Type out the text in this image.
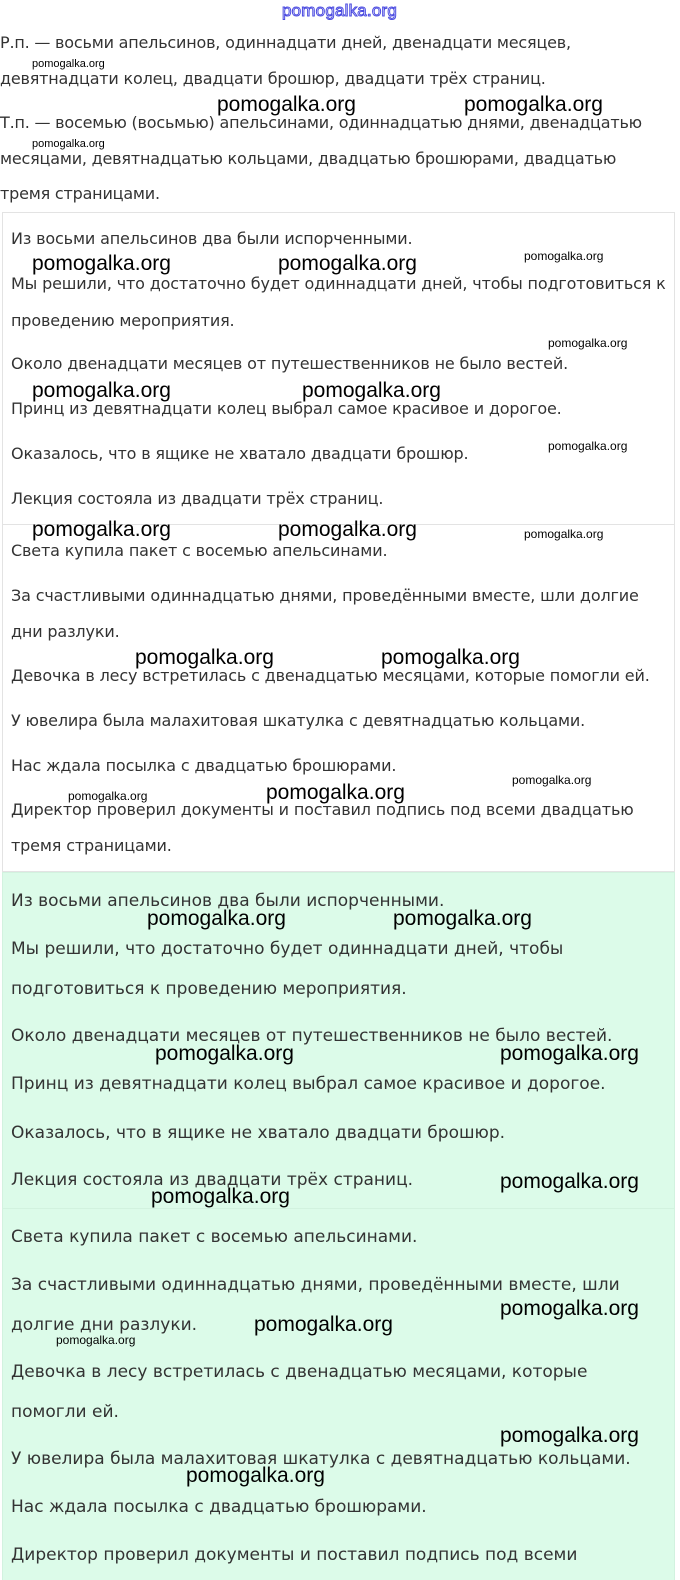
pomogalka.org
Р.п. — восьми апельсинов, одиннадцати дней, двенадцати месяцев,
девятнадцати колец, двадцати брошюр, двадцати трёх страниц.
Т.п. — восемью (восьмью) апельсинами, одиннадцатью днями, двенадцатью
месяцами, девятнадцатью кольцами, двадцатью брошюрами, двадцатью
тремя страницами.

Из восьми апельсинов два были испорченными.

Мы решили, что достаточно будет одиннадцати дней, чтобы подготовиться к

проведению мероприятия.

Около двенадцати месяцев от путешественников не было вестей.

Принц из девятнадцати колец выбрал самое красивое и дорогое.

Оказалось, что в ящике не хватало двадцати брошюр.

Лекция состояла из двадцати трёх страниц.

Света купила пакет с восемью апельсинами.

За счастливыми одиннадцатью днями, проведёнными вместе, шли долгие

дни разлуки.

Девочка в лесу встретилась с двенадцатью месяцами, которые помогли ей.

У ювелира была малахитовая шкатулка с девятнадцатью кольцами.

Нас ждала посылка с двадцатью брошюрами.

Директор проверил документы и поставил подпись под всеми двадцатью

тремя страницами.

Из восьми апельсинов два были испорченными.

Мы решили, что достаточно будет одиннадцати дней, чтобы

подготовиться к проведению мероприятия.

Около двенадцати месяцев от путешественников не было вестей.

Принц из девятнадцати колец выбрал самое красивое и дорогое.

Оказалось, что в ящике не хватало двадцати брошюр.

Лекция состояла из двадцати трёх страниц.

Света купила пакет с восемью апельсинами.

За счастливыми одиннадцатью днями, проведёнными вместе, шли

долгие дни разлуки.

Девочка в лесу встретилась с двенадцатью месяцами, которые

помогли ей.

У ювелира была малахитовая шкатулка с девятнадцатью кольцами.

Нас ждала посылка с двадцатью брошюрами.

Директор проверил документы и поставил подпись под всеми

pomogalka.org
pomogalka.org
pomogalka.org	pomogalka.org
pomogalka.org	pomogalka.org	pomogalka.org
pomogalka.org
pomogalka.org	pomogalka.org
pomogalka.org
pomogalka.org	pomogalka.org	pomogalka.org
pomogalka.org	pomogalka.org
pomogalka.org
pomogalka.org	pomogalka.org
pomogalka.org	pomogalka.org
pomogalka.org	pomogalka.org
pomogalka.org
pomogalka.org
pomogalka.org
pomogalka.org
pomogalka.org
pomogalka.org
pomogalka.org
